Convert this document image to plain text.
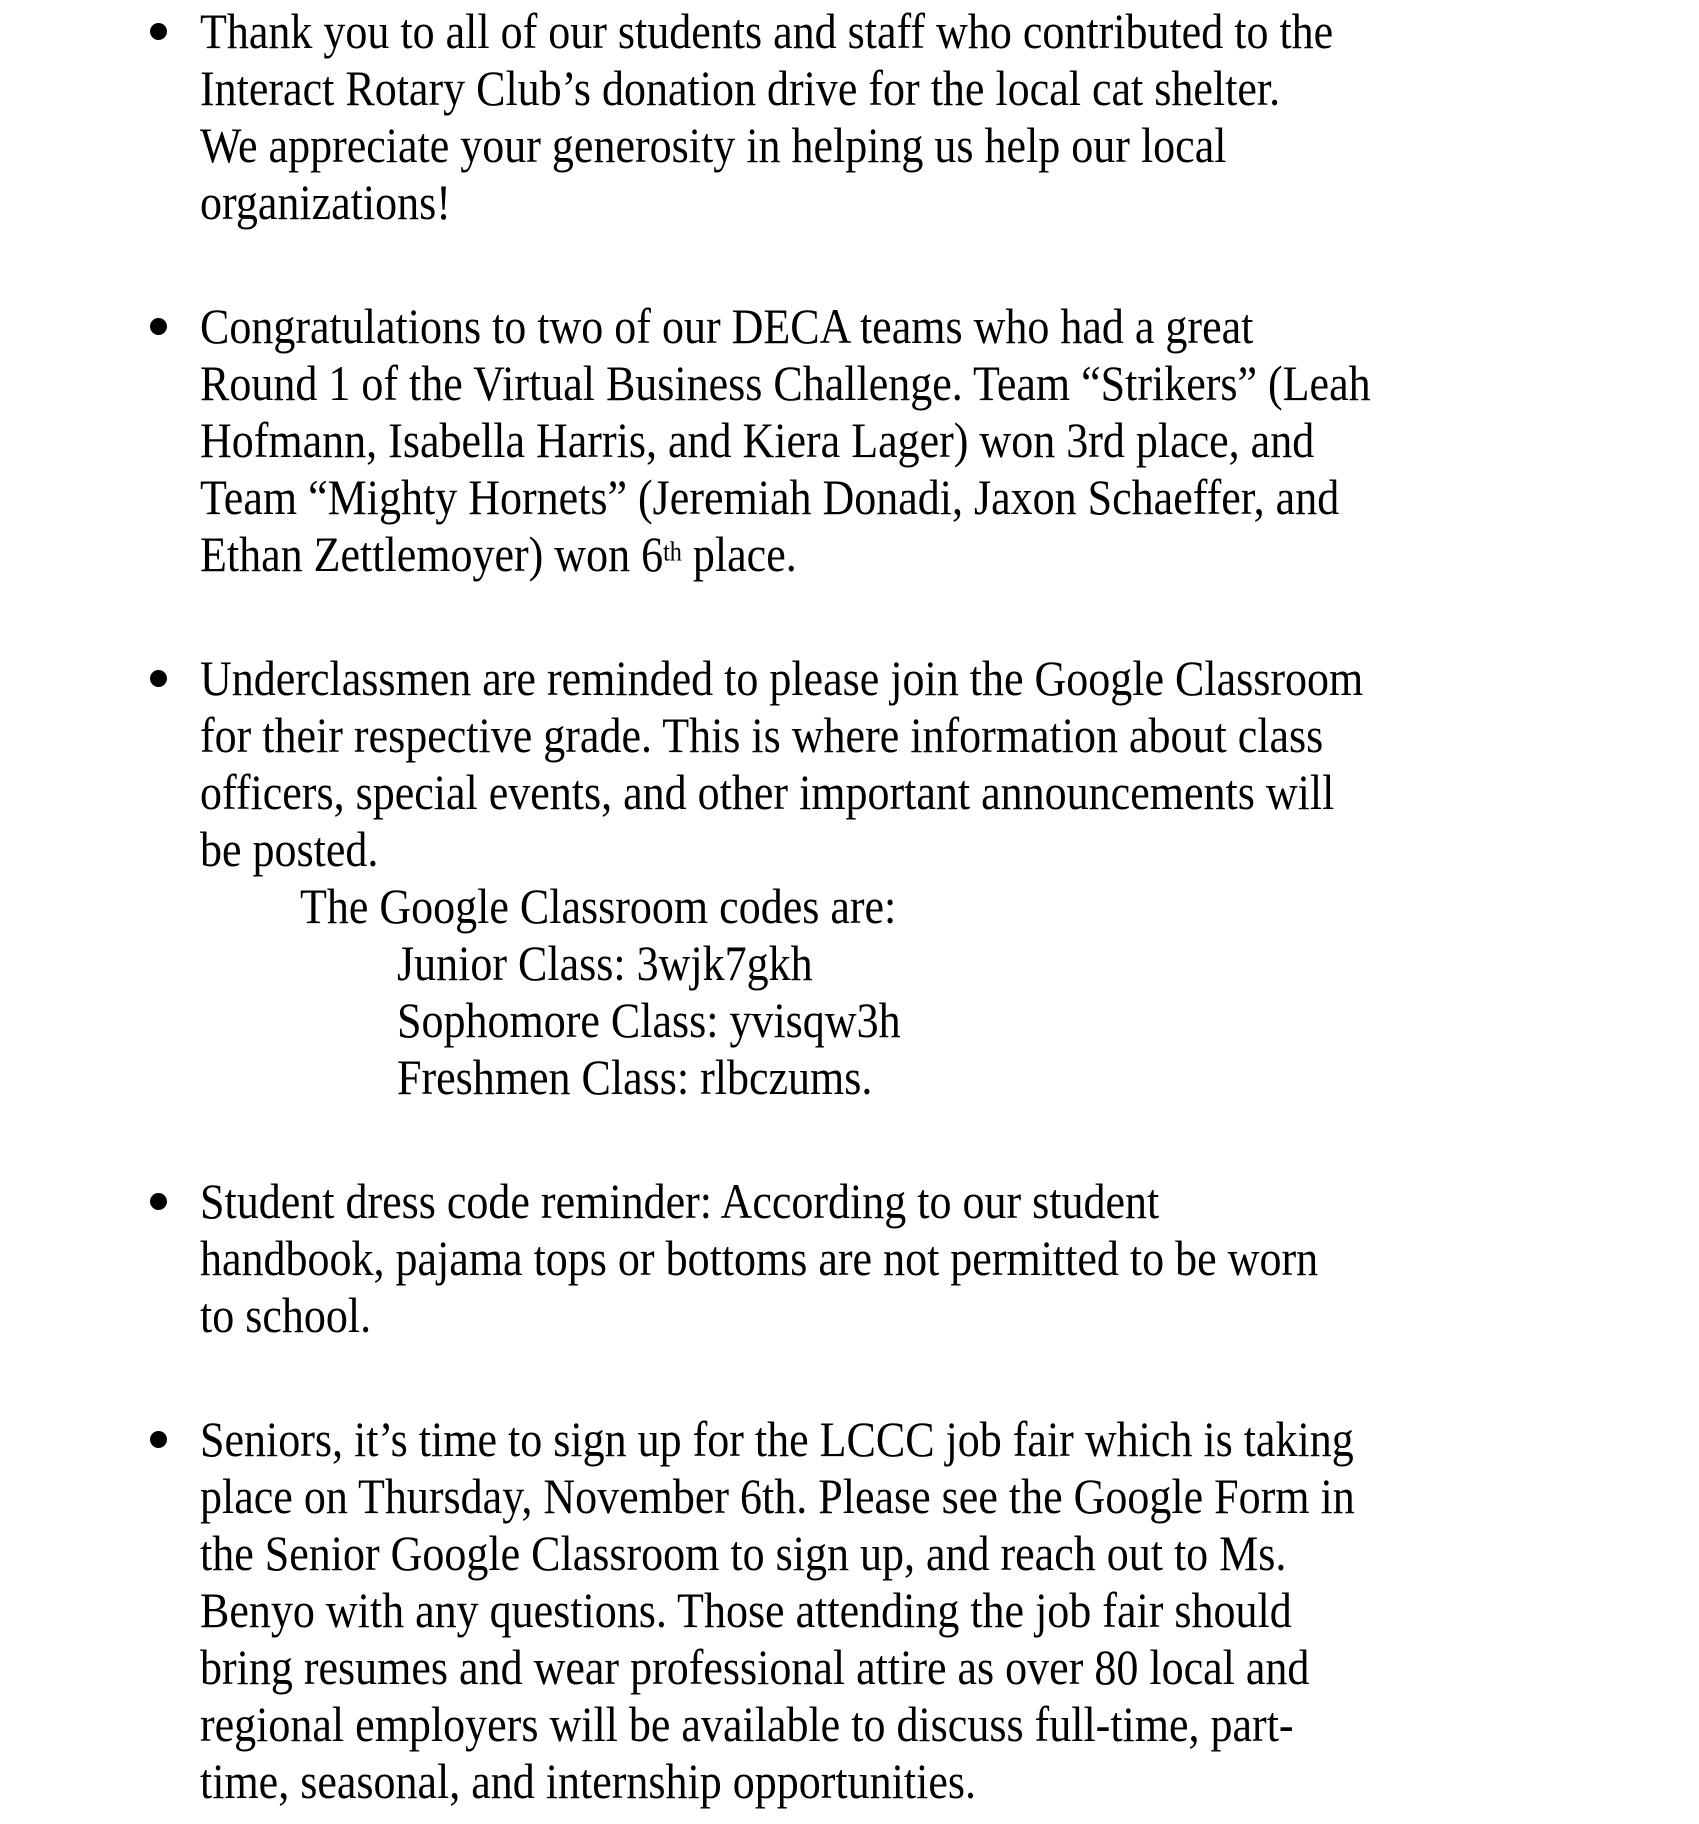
Thank you to all of our students and staff who contributed to the
Interact Rotary Club’s donation drive for the local cat shelter.
We appreciate your generosity in helping us help our local
organizations!
Congratulations to two of our DECA teams who had a great
Round 1 of the Virtual Business Challenge. Team “Strikers” (Leah
Hofmann, Isabella Harris, and Kiera Lager) won 3rd place, and
Team “Mighty Hornets” (Jeremiah Donadi, Jaxon Schaeffer, and
Ethan Zettlemoyer) won 6th place.
Underclassmen are reminded to please join the Google Classroom
for their respective grade. This is where information about class
officers, special events, and other important announcements will
be posted.
The Google Classroom codes are:
Junior Class: 3wjk7gkh
Sophomore Class: yvisqw3h
Freshmen Class: rlbczums.
Student dress code reminder: According to our student
handbook, pajama tops or bottoms are not permitted to be worn
to school.
Seniors, it’s time to sign up for the LCCC job fair which is taking
place on Thursday, November 6th. Please see the Google Form in
the Senior Google Classroom to sign up, and reach out to Ms.
Benyo with any questions. Those attending the job fair should
bring resumes and wear professional attire as over 80 local and
regional employers will be available to discuss full-time, part-
time, seasonal, and internship opportunities.
